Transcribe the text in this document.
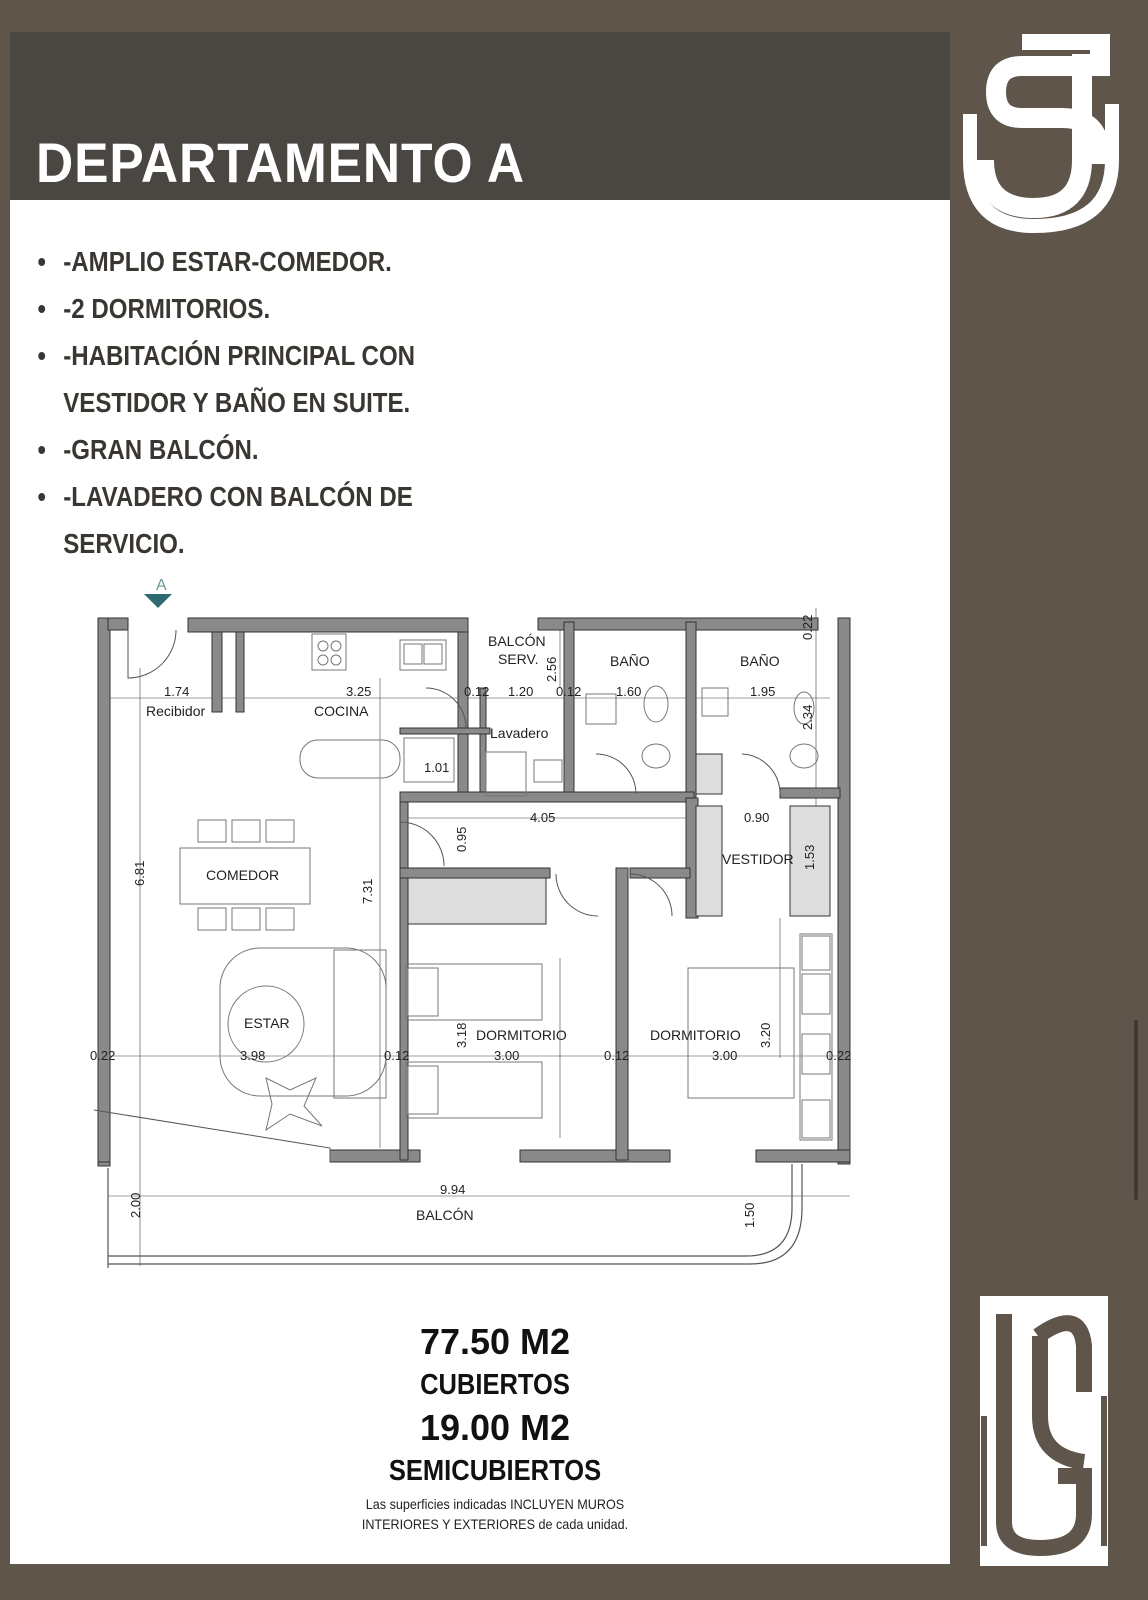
DEPARTAMENTO A
• -AMPLIO ESTAR-COMEDOR.
• -2 DORMITORIOS.
• -HABITACIÓN PRINCIPAL CON
VESTIDOR Y BAÑO EN SUITE.
• -GRAN BALCÓN.
• -LAVADERO CON BALCÓN DE
SERVICIO.
A
Recibidor	COCINA
BALCÓN
SERV.
Lavadero
BAÑO	BAÑO
COMEDOR
ESTAR
VESTIDOR
DORMITORIO	DORMITORIO
BALCÓN
1.74	3.25	0.12 1.20 0.12	1.60	1.95
2.56
0.22
2.34
1.01
4.05	0.90
0.95
1.53
6.81
7.31
3.18	3.20
0.22	3.98	0.12	3.00	0.12	3.00	0.22
9.94
2.00	1.50
77.50 M2
CUBIERTOS
19.00 M2
SEMICUBIERTOS
Las superficies indicadas INCLUYEN MUROS
INTERIORES Y EXTERIORES de cada unidad.
